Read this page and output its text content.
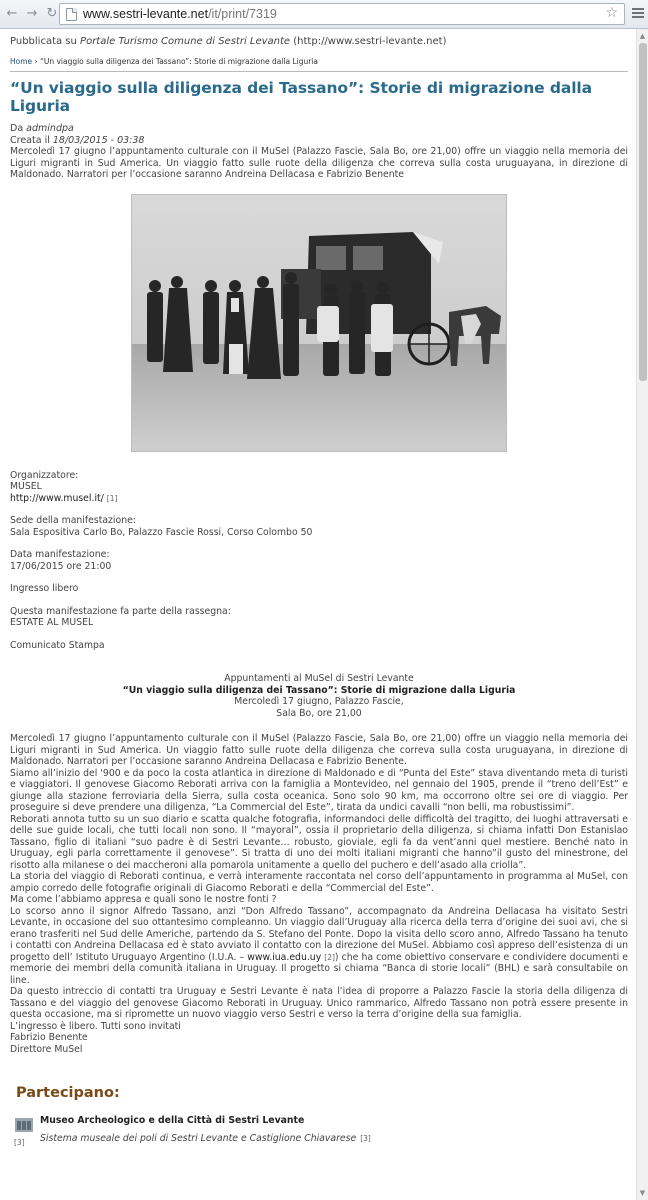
← → ↻ www.sestri-levante.net/it/print/7319	☆
▲
▼
Pubblicata su Portale Turismo Comune di Sestri Levante (http://www.sestri-levante.net)
Home › “Un viaggio sulla diligenza dei Tassano”: Storie di migrazione dalla Liguria
“Un viaggio sulla diligenza dei Tassano”: Storie di migrazione dalla Liguria
Da admindpa
Creata il 18/03/2015 - 03:38

Mercoledì 17 giugno l’appuntamento culturale con il MuSel (Palazzo Fascie, Sala Bo, ore 21,00) offre un viaggio nella memoria dei Liguri migranti in Sud America. Un viaggio fatto sulle ruote della diligenza che correva sulla costa uruguayana, in direzione di Maldonado. Narratori per l’occasione saranno Andreina Dellacasa e Fabrizio Benente

Organizzatore:
MUSEL
http://www.musel.it/ [1]
Sede della manifestazione:
Sala Espositiva Carlo Bo, Palazzo Fascie Rossi, Corso Colombo 50
Data manifestazione:
17/06/2015 ore 21:00
Ingresso libero
Questa manifestazione fa parte della rassegna:
ESTATE AL MUSEL
Comunicato Stampa
Appuntamenti al MuSel di Sestri Levante
“Un viaggio sulla diligenza dei Tassano”: Storie di migrazione dalla Liguria
Mercoledì 17 giugno, Palazzo Fascie,
Sala Bo, ore 21,00

Mercoledì 17 giugno l’appuntamento culturale con il MuSel (Palazzo Fascie, Sala Bo, ore 21,00) offre un viaggio nella memoria dei Liguri migranti in Sud America. Un viaggio fatto sulle ruote della diligenza che correva sulla costa uruguayana, in direzione di Maldonado. Narratori per l’occasione saranno Andreina Dellacasa e Fabrizio Benente.

Siamo all’inizio del '900 e da poco la costa atlantica in direzione di Maldonado e di “Punta del Este” stava diventando meta di turisti e viaggiatori. Il genovese Giacomo Reborati arriva con la famiglia a Montevideo, nel gennaio del 1905, prende il “treno dell’Est” e giunge alla stazione ferroviaria della Sierra, sulla costa oceanica. Sono solo 90 km, ma occorrono oltre sei ore di viaggio. Per proseguire si deve prendere una diligenza, “La Commercial del Este”, tirata da undici cavalli “non belli, ma robustissimi”.

Reborati annota tutto su un suo diario e scatta qualche fotografia, informandoci delle difficoltà del tragitto, dei luoghi attraversati e delle sue guide locali, che tutti locali non sono. Il “mayoral”, ossia il proprietario della diligenza, si chiama infatti Don Estanislao Tassano, figlio di italiani “suo padre è di Sestri Levante… robusto, gioviale, egli fa da vent’anni quel mestiere. Benché nato in Uruguay, egli parla correttamente il genovese”. Si tratta di uno dei molti italiani migranti che hanno”il gusto del minestrone, del risotto alla milanese o dei maccheroni alla pomarola unitamente a quello del puchero e dell’asado alla criolla”.

La storia del viaggio di Reborati continua, e verrà interamente raccontata nel corso dell’appuntamento in programma al MuSel, con ampio corredo delle fotografie originali di Giacomo Reborati e della “Commercial del Este”.

Ma come l’abbiamo appresa e quali sono le nostre fonti ?

Lo scorso anno il signor Alfredo Tassano, anzi “Don Alfredo Tassano”, accompagnato da Andreina Dellacasa ha visitato Sestri Levante, in occasione del suo ottantesimo compleanno. Un viaggio dall’Uruguay alla ricerca della terra d’origine dei suoi avi, che si erano trasferiti nel Sud delle Americhe, partendo da S. Stefano del Ponte. Dopo la visita dello scoro anno, Alfredo Tassano ha tenuto i contatti con Andreina Dellacasa ed è stato avviato il contatto con la direzione del MuSel. Abbiamo così appreso dell’esistenza di un progetto dell’ Istituto Uruguayo Argentino (I.U.A. – www.iua.edu.uy [2]) che ha come obiettivo conservare e condividere documenti e memorie dei membri della comunità italiana in Uruguay. Il progetto si chiama “Banca di storie locali” (BHL) e sarà consultabile on line.

Da questo intreccio di contatti tra Uruguay e Sestri Levante è nata l’idea di proporre a Palazzo Fascie la storia della diligenza di Tassano e del viaggio del genovese Giacomo Reborati in Uruguay. Unico rammarico, Alfredo Tassano non potrà essere presente in questa occasione, ma si ripromette un nuovo viaggio verso Sestri e verso la terra d’origine della sua famiglia.

L’ingresso è libero. Tutti sono invitati

Fabrizio Benente

Direttore MuSel

Partecipano:
[3]
Museo Archeologico e della Città di Sestri Levante
Sistema museale dei poli di Sestri Levante e Castiglione Chiavarese [3]
